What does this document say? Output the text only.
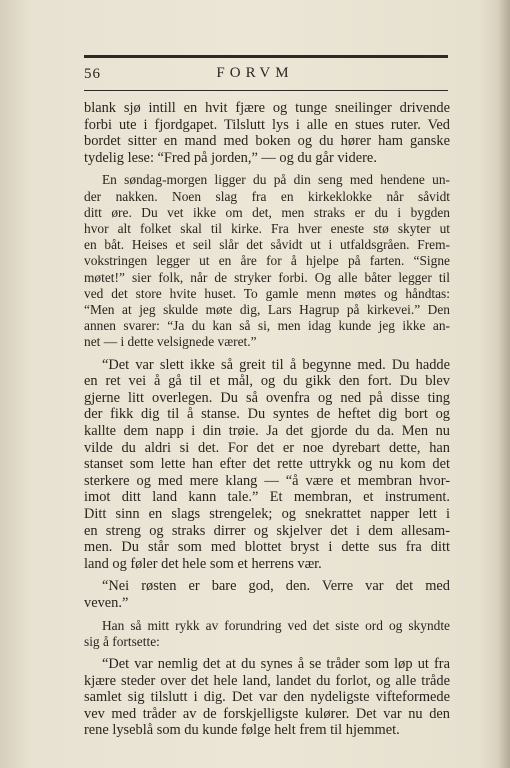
56	FORVM
blank sjø intill en hvit fjære og tunge sneilinger drivende
forbi ute i fjordgapet. Tilslutt lys i alle en stues ruter. Ved
bordet sitter en mand med boken og du hører ham ganske
tydelig lese: “Fred på jorden,” — og du går videre.
En søndag-morgen ligger du på din seng med hendene un-
der nakken. Noen slag fra en kirkeklokke når såvidt
ditt øre. Du vet ikke om det, men straks er du i bygden
hvor alt folket skal til kirke. Fra hver eneste stø skyter ut
en båt. Heises et seil slår det såvidt ut i utfaldsgråen. Frem-
vokstringen legger ut en åre for å hjelpe på farten. “Signe
møtet!” sier folk, når de stryker forbi. Og alle båter legger til
ved det store hvite huset. To gamle menn møtes og håndtas:
“Men at jeg skulde møte dig, Lars Hagrup på kirkevei.” Den
annen svarer: “Ja du kan så si, men idag kunde jeg ikke an-
net — i dette velsignede været.”
“Det var slett ikke så greit til å begynne med. Du hadde
en ret vei å gå til et mål, og du gikk den fort. Du blev
gjerne litt overlegen. Du så ovenfra og ned på disse ting
der fikk dig til å stanse. Du syntes de heftet dig bort og
kallte dem napp i din trøie. Ja det gjorde du da. Men nu
vilde du aldri si det. For det er noe dyrebart dette, han
stanset som lette han efter det rette uttrykk og nu kom det
sterkere og med mere klang — “å være et membran hvor-
imot ditt land kann tale.” Et membran, et instrument.
Ditt sinn en slags strengelek; og snekrattet napper lett i
en streng og straks dirrer og skjelver det i dem allesam-
men. Du står som med blottet bryst i dette sus fra ditt
land og føler det hele som et herrens vær.
“Nei røsten er bare god, den. Verre var det med
veven.”
Han så mitt rykk av forundring ved det siste ord og skyndte
sig å fortsette:
“Det var nemlig det at du synes å se tråder som løp ut fra
kjære steder over det hele land, landet du forlot, og alle tråde
samlet sig tilslutt i dig. Det var den nydeligste vifteformede
vev med tråder av de forskjelligste kulører. Det var nu den
rene lyseblå som du kunde følge helt frem til hjemmet.
